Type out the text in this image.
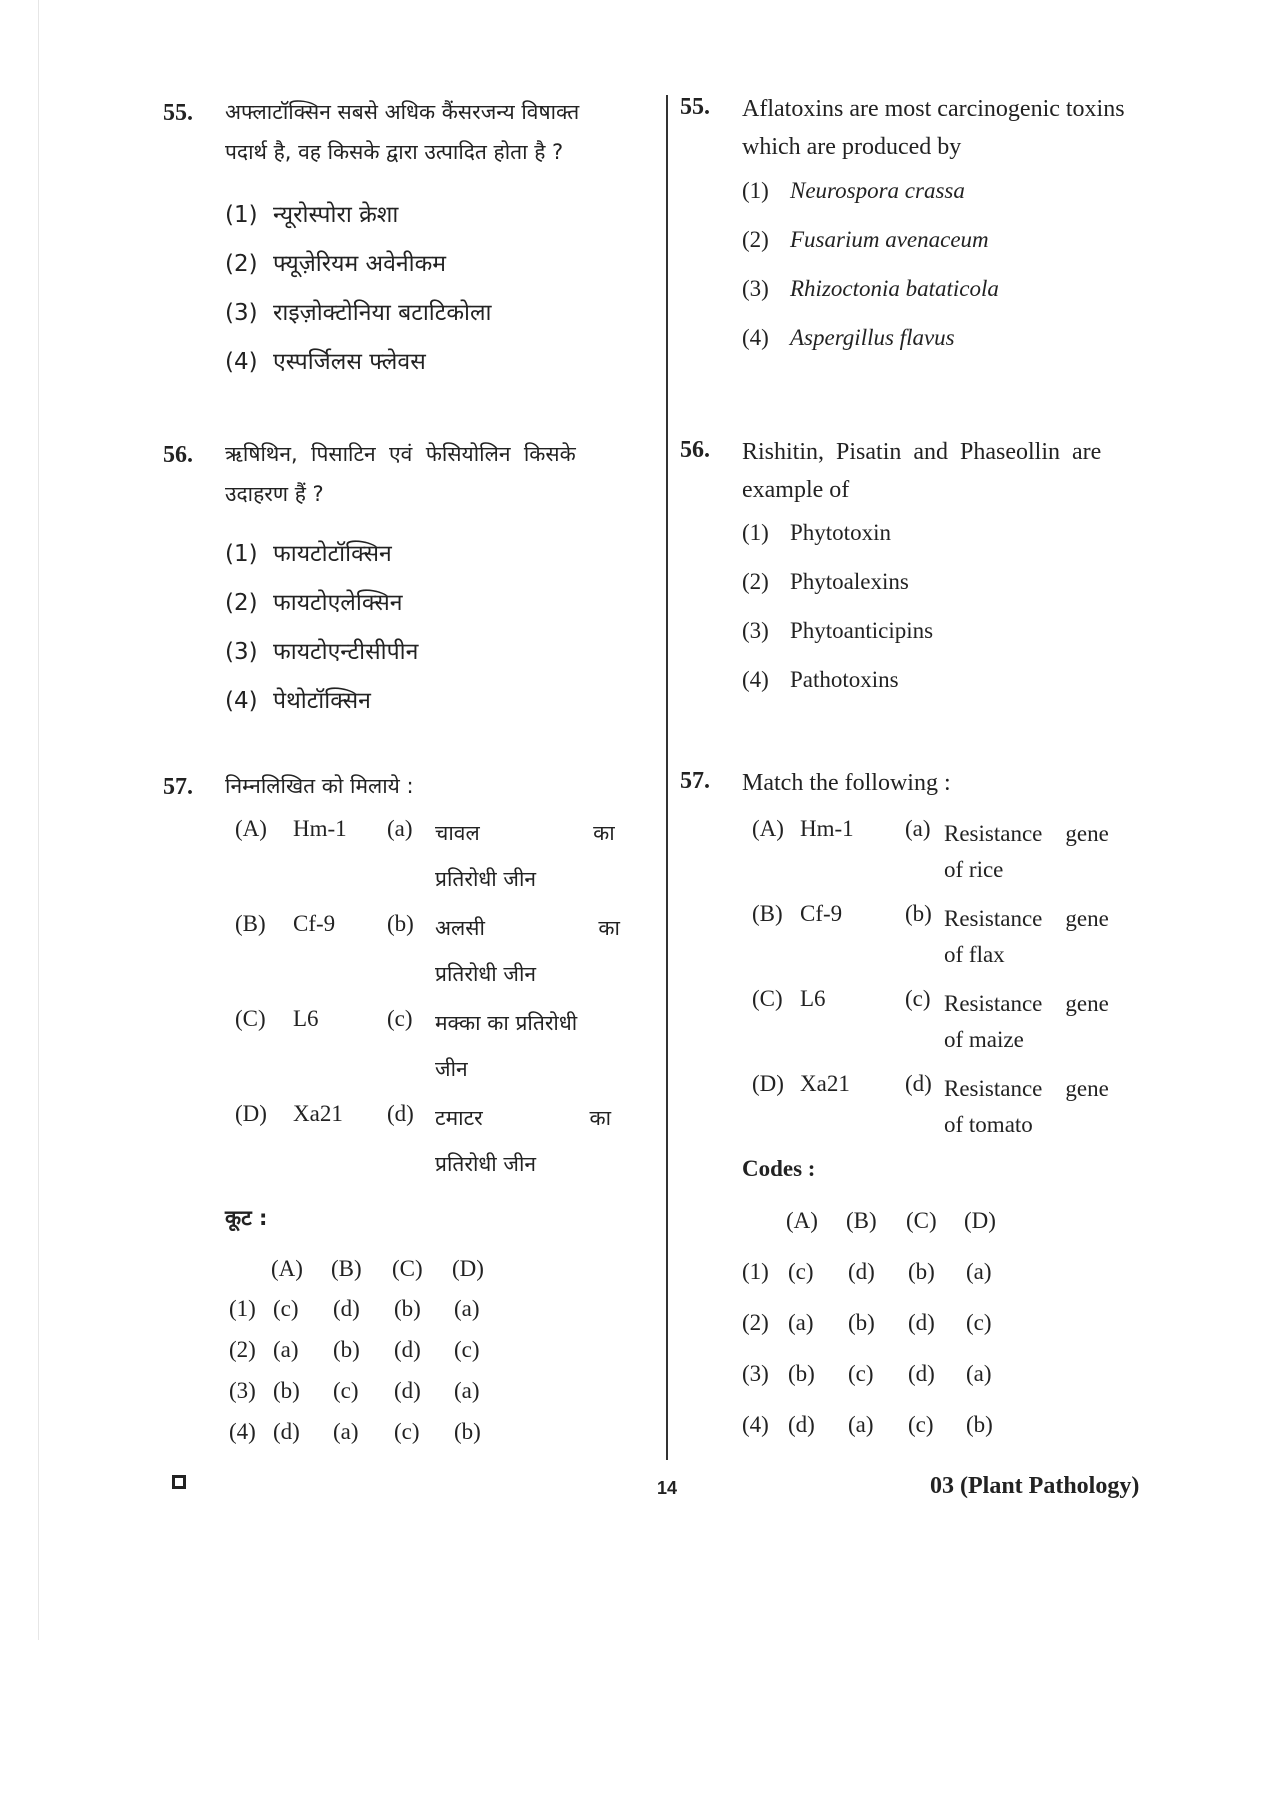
55. अफ्लाटॉक्सिन सबसे अधिक कैंसरजन्य विषाक्त
पदार्थ है, वह किसके द्वारा उत्पादित होता है ?
(1) न्यूरोस्पोरा क्रेशा
(2) फ्यूज़ेरियम अवेनीकम
(3) राइज़ोक्टोनिया बटाटिकोला
(4) एस्पर्जिलस फ्लेवस
56. ऋषिथिन,  पिसाटिन  एवं  फेसियोलिन  किसके
उदाहरण हैं ?
(1) फायटोटॉक्सिन
(2) फायटोएलेक्सिन
(3) फायटोएन्टीसीपीन
(4) पेथोटॉक्सिन
57. निम्नलिखित को मिलाये :
(A) Hm-1 (a) चावल                 का
प्रतिरोधी जीन
(B) Cf-9 (b) अलसी                 का
प्रतिरोधी जीन
(C) L6	(c) मक्का का प्रतिरोधी
जीन
(D) Xa21 (d) टमाटर                का
प्रतिरोधी जीन
कूट :
(A) (B) (C) (D)
(1) (c) (d) (b) (a)
(2) (a) (b) (d) (c)
(3) (b) (c) (d) (a)
(4) (d) (a) (c) (b)
55. Aflatoxins are most carcinogenic toxins
which are produced by
(1) Neurospora crassa
(2) Fusarium avenaceum
(3) Rhizoctonia bataticola
(4) Aspergillus flavus
56. Rishitin,  Pisatin  and  Phaseollin  are
example of
(1) Phytotoxin
(2) Phytoalexins
(3) Phytoanticipins
(4) Pathotoxins
57. Match the following :
(A) Hm-1 (a) Resistance    gene
of rice
(B) Cf-9	(b) Resistance    gene
of flax
(C) L6	(c) Resistance    gene
of maize
(D) Xa21 (d) Resistance    gene
of tomato
Codes :
(A) (B) (C) (D)
(1) (c) (d) (b) (a)
(2) (a) (b) (d) (c)
(3) (b) (c) (d) (a)
(4) (d) (a) (c) (b)
14	03 (Plant Pathology)
